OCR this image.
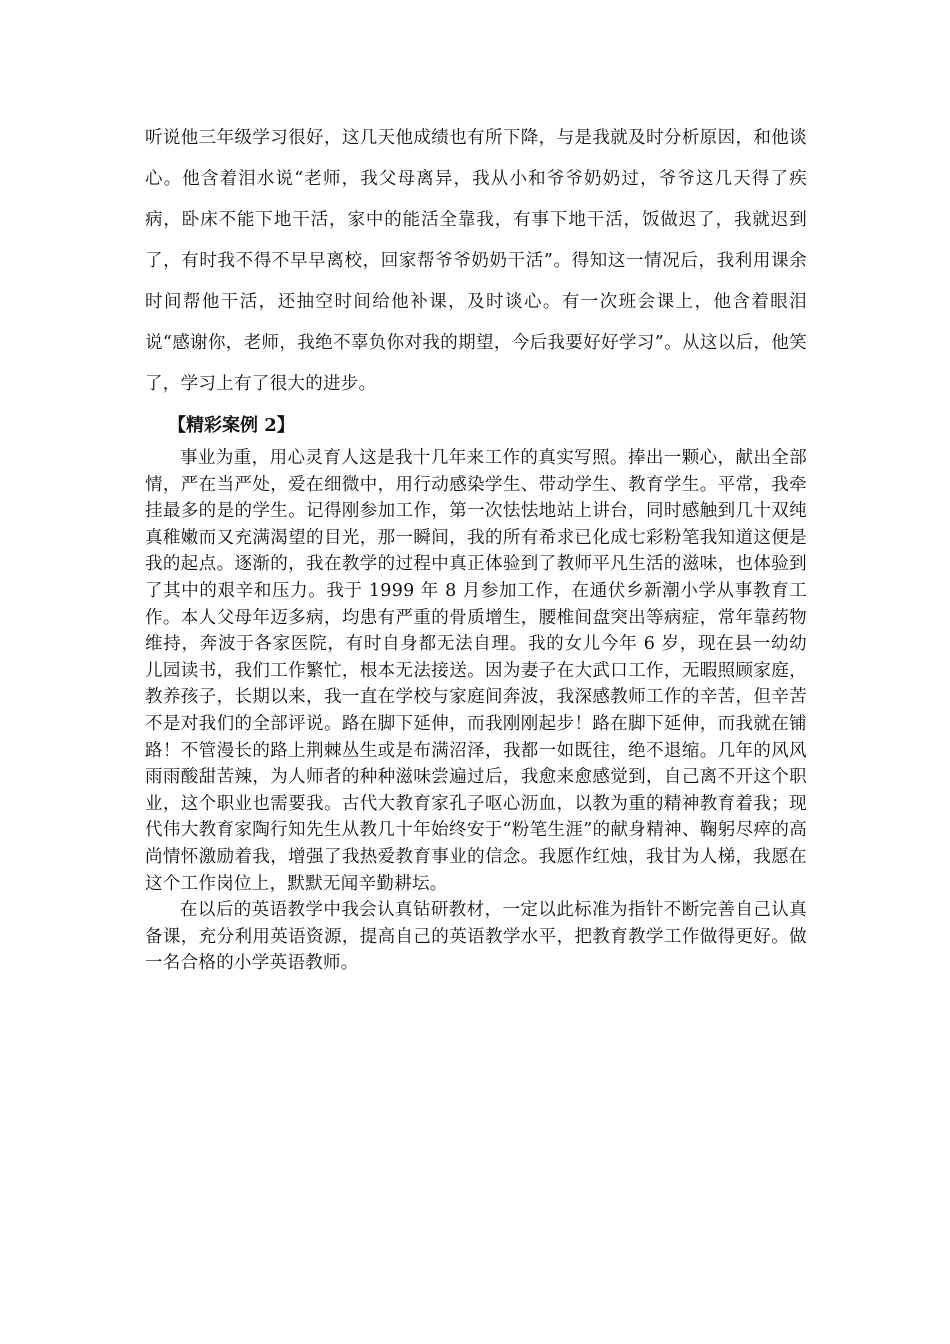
听说他三年级学习很好，这几天他成绩也有所下降，与是我就及时分析原因，和他谈心。他含着泪水说“老师，我父母离异，我从小和爷爷奶奶过，爷爷这几天得了疾病，卧床不能下地干活，家中的能活全靠我，有事下地干活，饭做迟了，我就迟到了，有时我不得不早早离校，回家帮爷爷奶奶干活”。得知这一情况后，我利用课余时间帮他干活，还抽空时间给他补课，及时谈心。有一次班会课上，他含着眼泪说“感谢你，老师，我绝不辜负你对我的期望，今后我要好好学习”。从这以后，他笑了，学习上有了很大的进步。

【精彩案例 2】

事业为重，用心灵育人这是我十几年来工作的真实写照。捧出一颗心，献出全部情，严在当严处，爱在细微中，用行动感染学生、带动学生、教育学生。平常，我牵挂最多的是的学生。记得刚参加工作，第一次怯怯地站上讲台，同时感触到几十双纯真稚嫩而又充满渴望的目光，那一瞬间，我的所有希求已化成七彩粉笔我知道这便是我的起点。逐渐的，我在教学的过程中真正体验到了教师平凡生活的滋味，也体验到了其中的艰辛和压力。我于 1999 年 8 月参加工作，在通伏乡新潮小学从事教育工作。本人父母年迈多病，均患有严重的骨质增生，腰椎间盘突出等病症，常年靠药物维持，奔波于各家医院，有时自身都无法自理。我的女儿今年 6 岁，现在县一幼幼儿园读书，我们工作繁忙，根本无法接送。因为妻子在大武口工作，无暇照顾家庭，教养孩子，长期以来，我一直在学校与家庭间奔波，我深感教师工作的辛苦，但辛苦不是对我们的全部评说。路在脚下延伸，而我刚刚起步！路在脚下延伸，而我就在铺路！不管漫长的路上荆棘丛生或是布满沼泽，我都一如既往，绝不退缩。几年的风风雨雨酸甜苦辣，为人师者的种种滋味尝遍过后，我愈来愈感觉到，自己离不开这个职业，这个职业也需要我。古代大教育家孔子呕心沥血，以教为重的精神教育着我；现代伟大教育家陶行知先生从教几十年始终安于“粉笔生涯”的献身精神、鞠躬尽瘁的高尚情怀激励着我，增强了我热爱教育事业的信念。我愿作红烛，我甘为人梯，我愿在这个工作岗位上，默默无闻辛勤耕坛。

在以后的英语教学中我会认真钻研教材，一定以此标准为指针不断完善自己认真备课，充分利用英语资源，提高自己的英语教学水平，把教育教学工作做得更好。做一名合格的小学英语教师。
